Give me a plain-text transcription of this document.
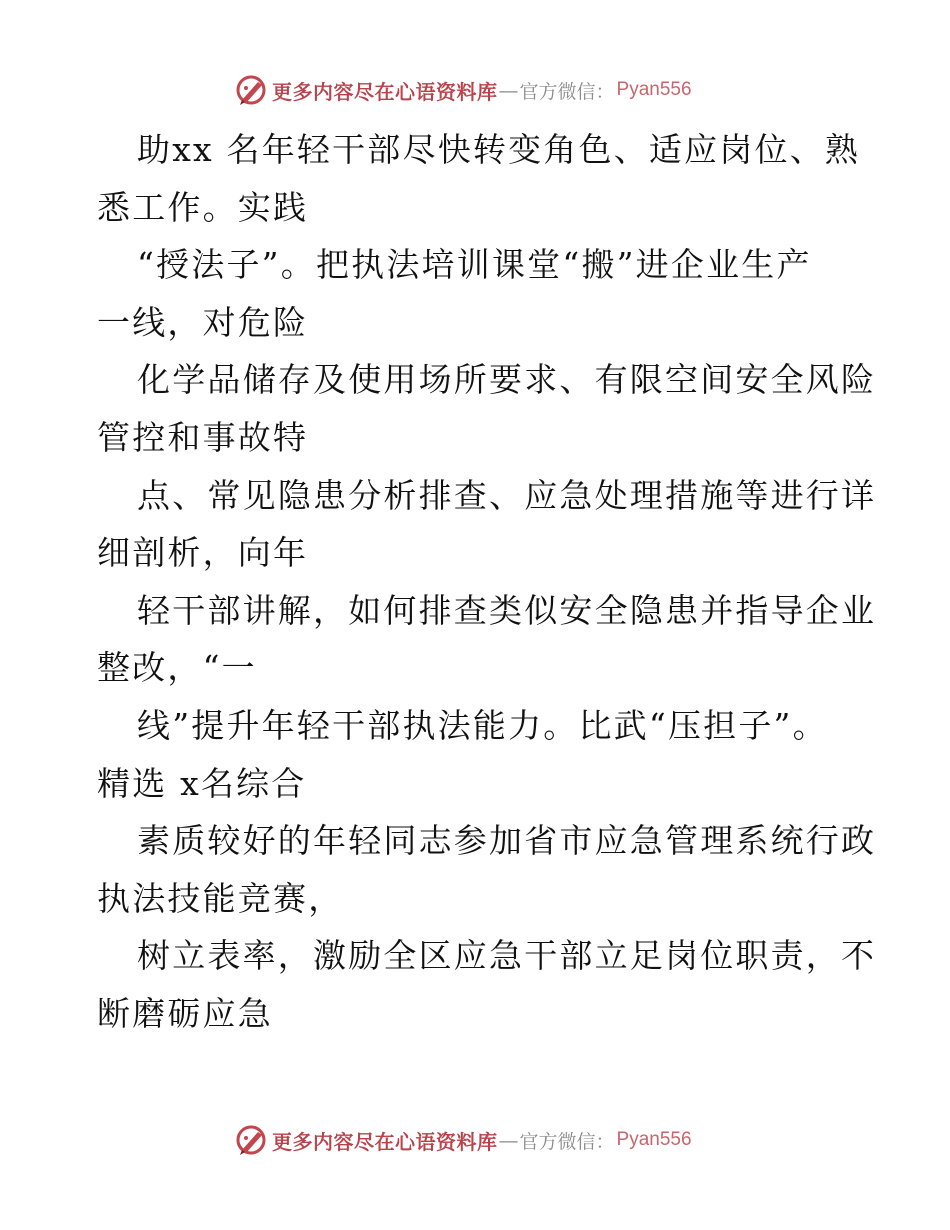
更多内容尽在心语资料库 — 官方微信： Pyan556
助xx 名年轻干部尽快转变角色、适应岗位、熟
悉工作。实践
“授法子”。把执法培训课堂“搬”进企业生产
一线，对危险
化学品储存及使用场所要求、有限空间安全风险
管控和事故特
点、常见隐患分析排查、应急处理措施等进行详
细剖析，向年
轻干部讲解，如何排查类似安全隐患并指导企业
整改，“一
线”提升年轻干部执法能力。比武“压担子”。
精选 x名综合
素质较好的年轻同志参加省市应急管理系统行政
执法技能竞赛，
树立表率，激励全区应急干部立足岗位职责，不
断磨砺应急
更多内容尽在心语资料库 — 官方微信： Pyan556
